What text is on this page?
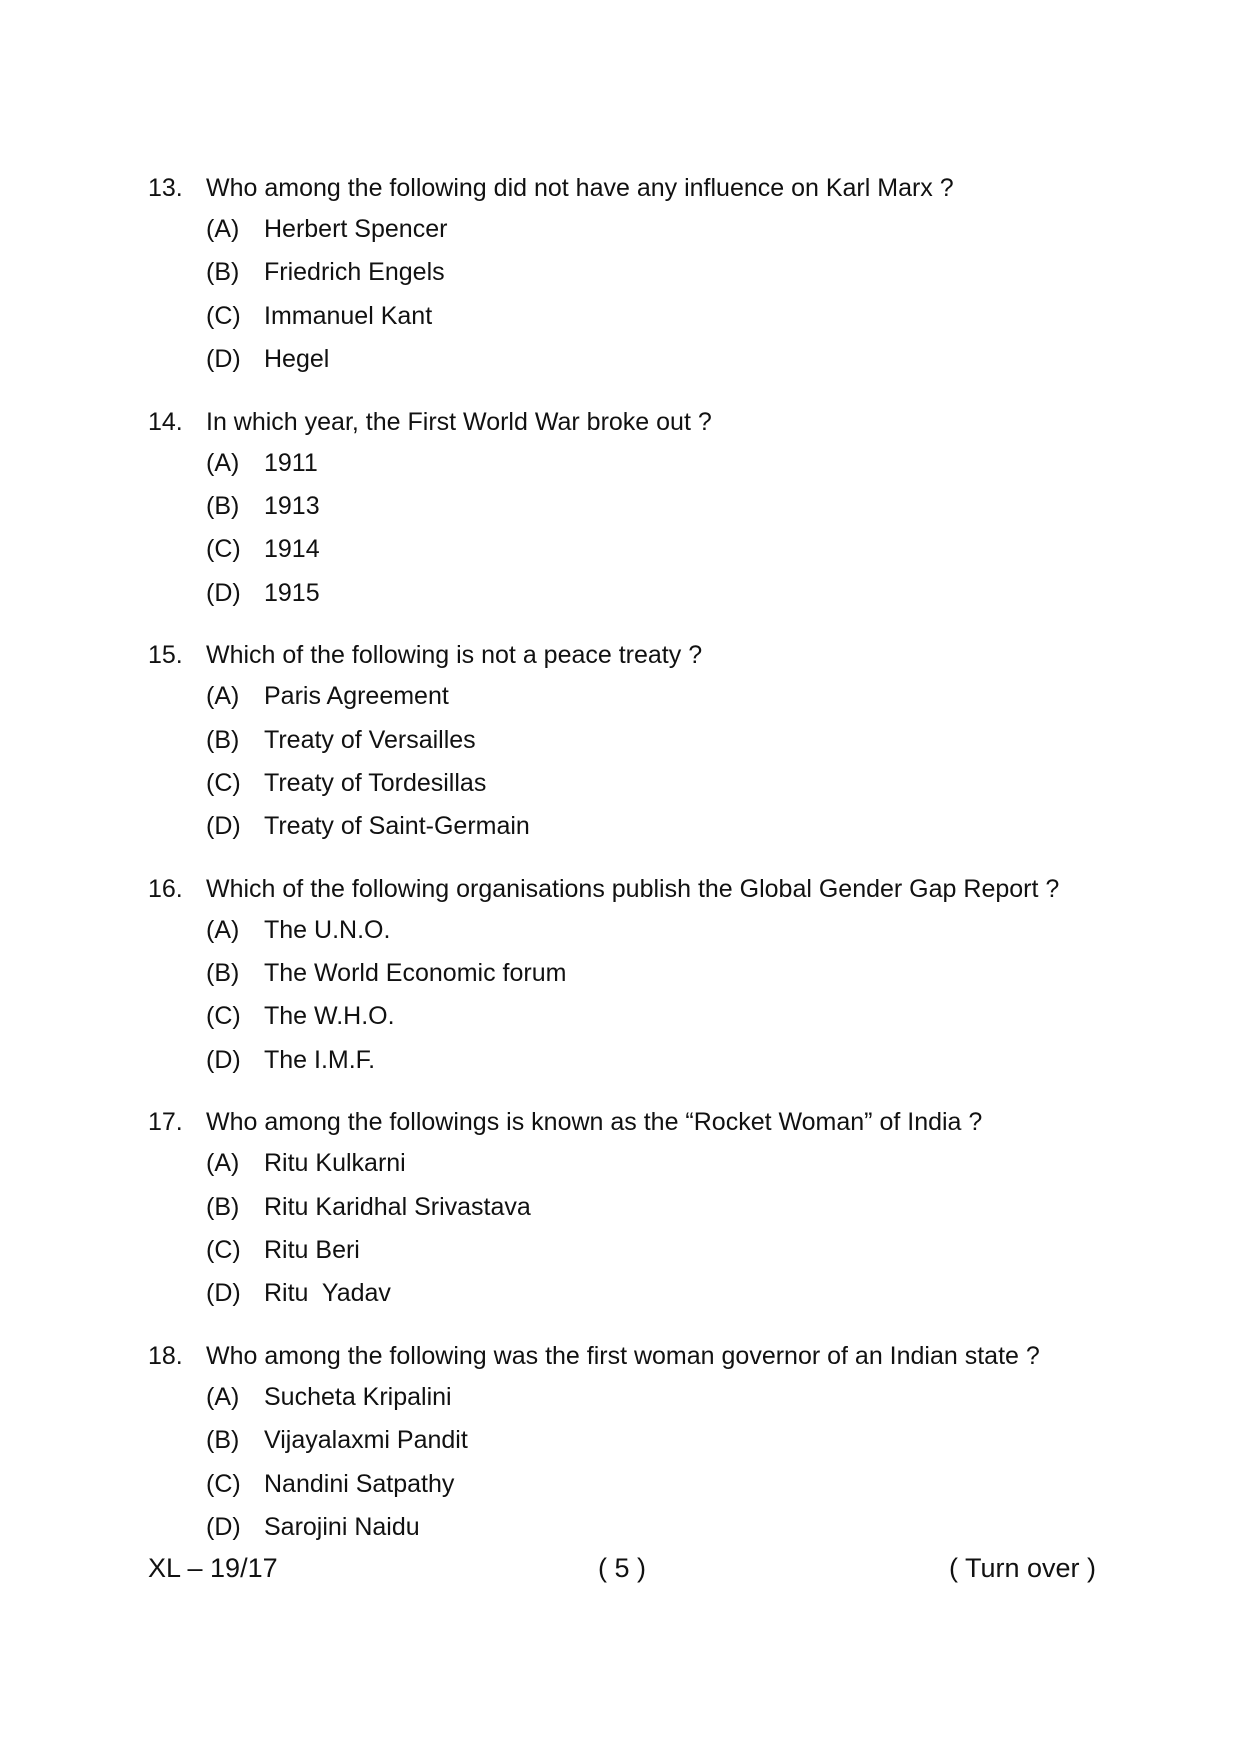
13. Who among the following did not have any influence on Karl Marx ?
(A) Herbert Spencer
(B) Friedrich Engels
(C) Immanuel Kant
(D) Hegel
14. In which year, the First World War broke out ?
(A) 1911
(B) 1913
(C) 1914
(D) 1915
15. Which of the following is not a peace treaty ?
(A) Paris Agreement
(B) Treaty of Versailles
(C) Treaty of Tordesillas
(D) Treaty of Saint-Germain
16. Which of the following organisations publish the Global Gender Gap Report ?
(A) The U.N.O.
(B) The World Economic forum
(C) The W.H.O.
(D) The I.M.F.
17. Who among the followings is known as the “Rocket Woman” of India ?
(A) Ritu Kulkarni
(B) Ritu Karidhal Srivastava
(C) Ritu Beri
(D) Ritu  Yadav
18. Who among the following was the first woman governor of an Indian state ?
(A) Sucheta Kripalini
(B) Vijayalaxmi Pandit
(C) Nandini Satpathy
(D) Sarojini Naidu
XL – 19/17	( 5 )	( Turn over )
